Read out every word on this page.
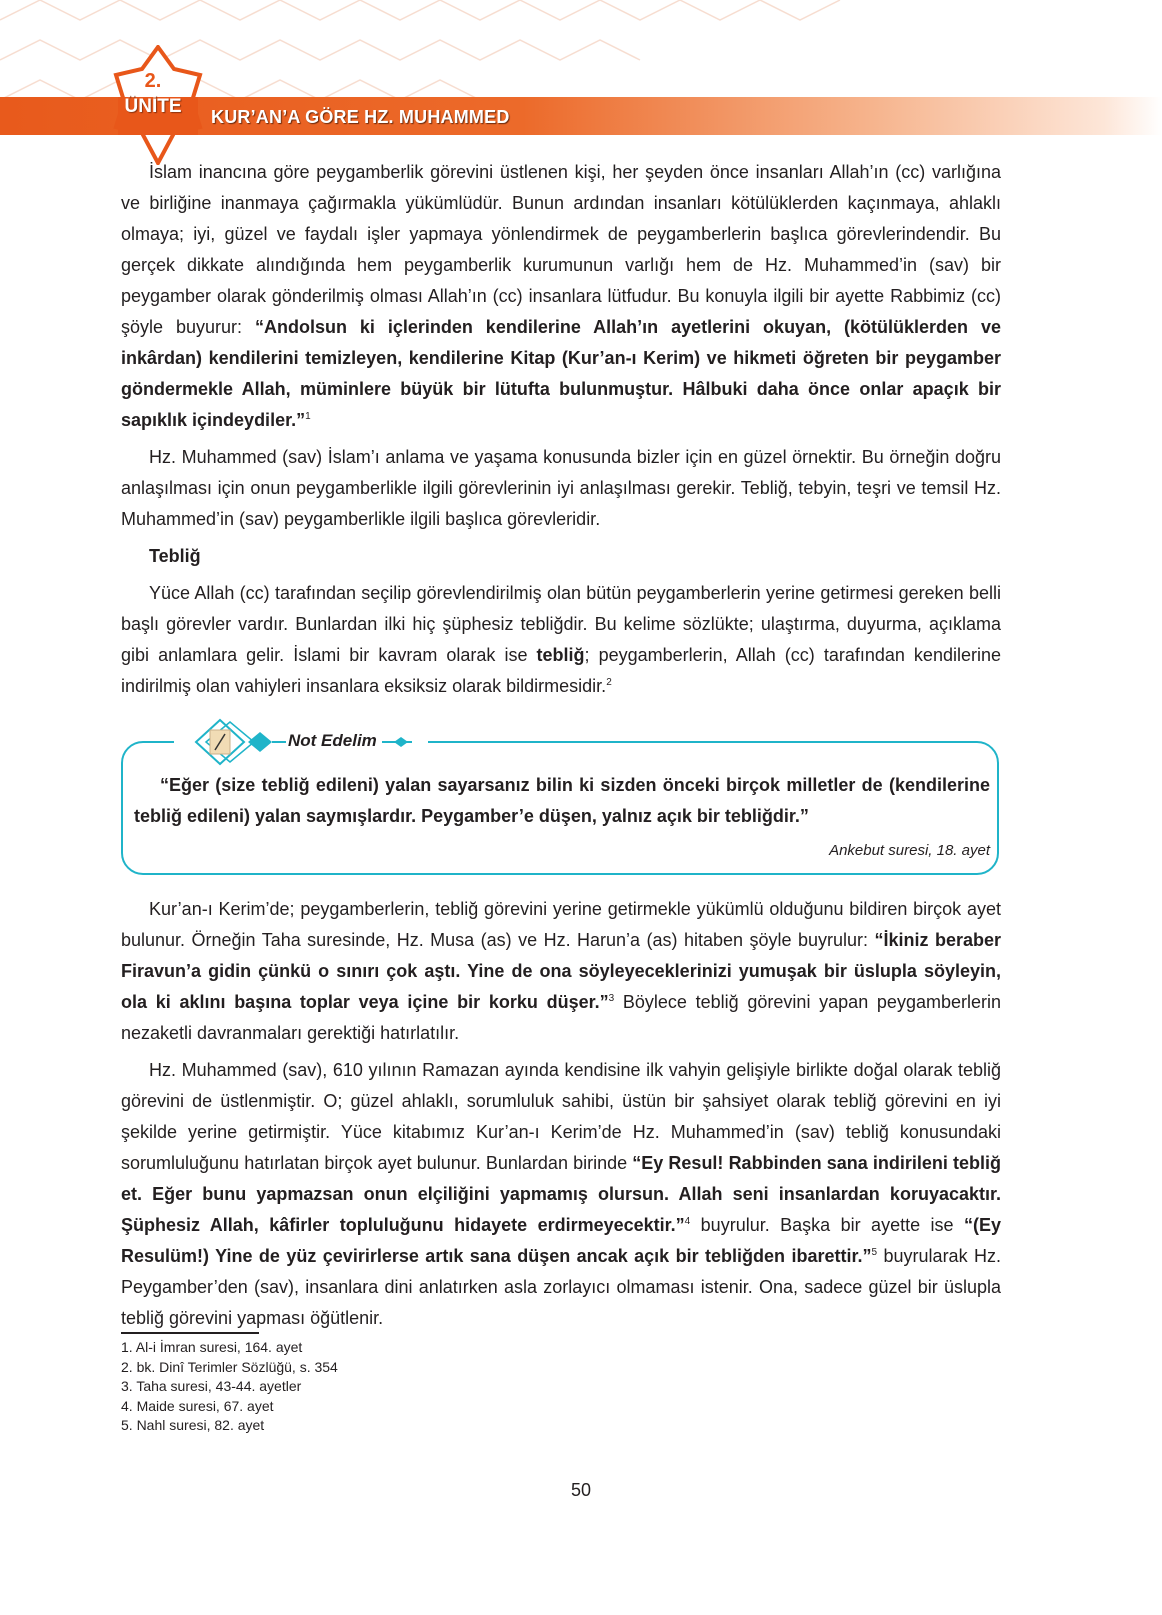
2.
ÜNİTE	KUR’AN’A GÖRE HZ. MUHAMMED

İslam inancına göre peygamberlik görevini üstlenen kişi, her şeyden önce insanları Allah’ın (cc) varlığına ve birliğine inanmaya çağırmakla yükümlüdür. Bunun ardından insanları kötülüklerden kaçınmaya, ahlaklı olmaya; iyi, güzel ve faydalı işler yapmaya yönlendirmek de peygamberlerin başlıca görevlerindendir. Bu gerçek dikkate alındığında hem peygamberlik kurumunun varlığı hem de Hz. Muhammed’in (sav) bir peygamber olarak gönderilmiş olması Allah’ın (cc) insanlara lütfudur. Bu konuyla ilgili bir ayette Rabbimiz (cc) şöyle buyurur: “Andolsun ki içlerinden kendilerine Allah’ın ayetlerini okuyan, (kötülüklerden ve inkârdan) kendilerini temizleyen, kendilerine Kitap (Kur’an-ı Kerim) ve hikmeti öğreten bir peygamber göndermekle Allah, müminlere büyük bir lütufta bulunmuştur. Hâlbuki daha önce onlar apaçık bir sapıklık içindeydiler.”$^1$

Hz. Muhammed (sav) İslam’ı anlama ve yaşama konusunda bizler için en güzel örnektir. Bu örneğin doğru anlaşılması için onun peygamberlikle ilgili görevlerinin iyi anlaşılması gerekir. Tebliğ, tebyin, teşri ve temsil Hz. Muhammed’in (sav) peygamberlikle ilgili başlıca görevleridir.

Tebliğ

Yüce Allah (cc) tarafından seçilip görevlendirilmiş olan bütün peygamberlerin yerine getirmesi gereken belli başlı görevler vardır. Bunlardan ilki hiç şüphesiz tebliğdir. Bu kelime sözlükte; ulaştırma, duyurma, açıklama gibi anlamlara gelir. İslami bir kavram olarak ise tebliğ; peygamberlerin, Allah (cc) tarafından kendilerine indirilmiş olan vahiyleri insanlara eksiksiz olarak bildirmesidir.$^2$

Not Edelim
“Eğer (size tebliğ edileni) yalan sayarsanız bilin ki sizden önceki birçok milletler de (kendilerine tebliğ edileni) yalan saymışlardır. Peygamber’e düşen, yalnız açık bir tebliğdir.”
Ankebut suresi, 18. ayet

Kur’an-ı Kerim’de; peygamberlerin, tebliğ görevini yerine getirmekle yükümlü olduğunu bildiren birçok ayet bulunur. Örneğin Taha suresinde, Hz. Musa (as) ve Hz. Harun’a (as) hitaben şöyle buyrulur: “İkiniz beraber Firavun’a gidin çünkü o sınırı çok aştı. Yine de ona söyleyeceklerinizi yumuşak bir üslupla söyleyin, ola ki aklını başına toplar veya içine bir korku düşer.”$^3$ Böylece tebliğ görevini yapan peygamberlerin nezaketli davranmaları gerektiği hatırlatılır.

Hz. Muhammed (sav), 610 yılının Ramazan ayında kendisine ilk vahyin gelişiyle birlikte doğal olarak tebliğ görevini de üstlenmiştir. O; güzel ahlaklı, sorumluluk sahibi, üstün bir şahsiyet olarak tebliğ görevini en iyi şekilde yerine getirmiştir. Yüce kitabımız Kur’an-ı Kerim’de Hz. Muhammed’in (sav) tebliğ konusundaki sorumluluğunu hatırlatan birçok ayet bulunur. Bunlardan birinde “Ey Resul! Rabbinden sana indirileni tebliğ et. Eğer bunu yapmazsan onun elçiliğini yapmamış olursun. Allah seni insanlardan koruyacaktır. Şüphesiz Allah, kâfirler topluluğunu hidayete erdirmeyecektir.”$^4$ buyrulur. Başka bir ayette ise “(Ey Resulüm!) Yine de yüz çevirirlerse artık sana düşen ancak açık bir tebliğden ibarettir.”$^5$ buyrularak Hz. Peygamber’den (sav), insanlara dini anlatırken asla zorlayıcı olmaması istenir. Ona, sadece güzel bir üslupla tebliğ görevini yapması öğütlenir.

1. Al-i İmran suresi, 164. ayet
2. bk. Dinî Terimler Sözlüğü, s. 354
3. Taha suresi, 43-44. ayetler
4. Maide suresi, 67. ayet
5. Nahl suresi, 82. ayet
50
